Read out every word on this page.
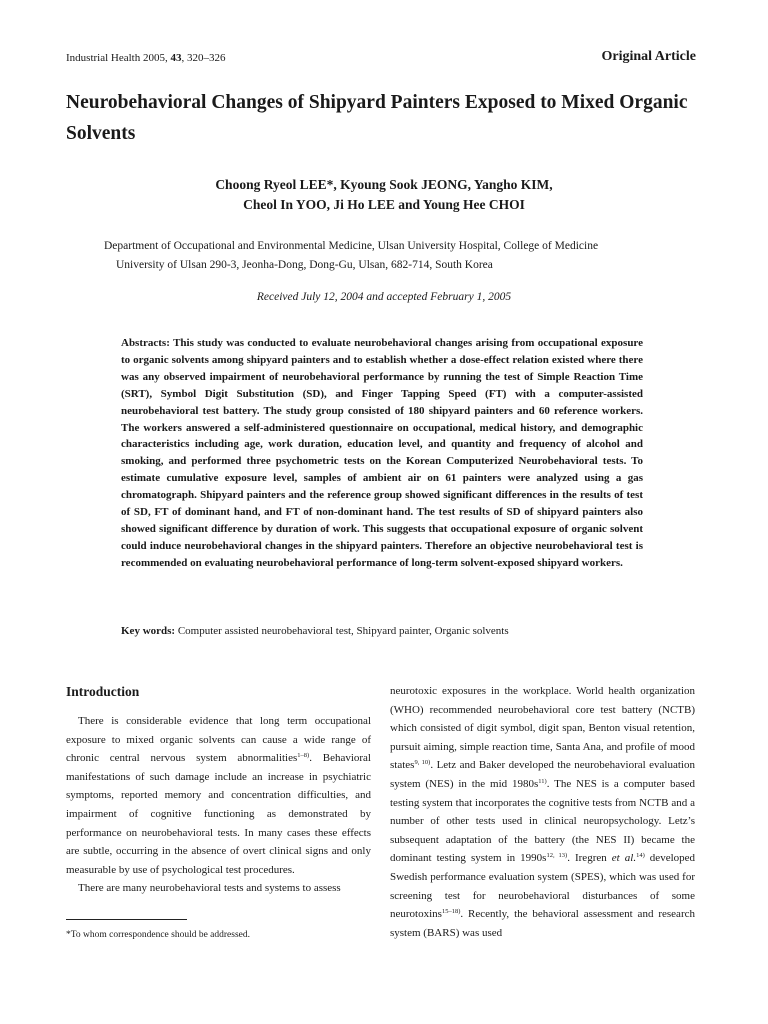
Industrial Health 2005, 43, 320–326	Original Article
Neurobehavioral Changes of Shipyard Painters Exposed to Mixed Organic Solvents
Choong Ryeol LEE*, Kyoung Sook JEONG, Yangho KIM,
Cheol In YOO, Ji Ho LEE and Young Hee CHOI
Department of Occupational and Environmental Medicine, Ulsan University Hospital, College of Medicine
University of Ulsan 290-3, Jeonha-Dong, Dong-Gu, Ulsan, 682-714, South Korea
Received July 12, 2004 and accepted February 1, 2005
Abstracts: This study was conducted to evaluate neurobehavioral changes arising from occupational exposure to organic solvents among shipyard painters and to establish whether a dose-effect relation existed where there was any observed impairment of neurobehavioral performance by running the test of Simple Reaction Time (SRT), Symbol Digit Substitution (SD), and Finger Tapping Speed (FT) with a computer-assisted neurobehavioral test battery. The study group consisted of 180 shipyard painters and 60 reference workers. The workers answered a self-administered questionnaire on occupational, medical history, and demographic characteristics including age, work duration, education level, and quantity and frequency of alcohol and smoking, and performed three psychometric tests on the Korean Computerized Neurobehavioral tests. To estimate cumulative exposure level, samples of ambient air on 61 painters were analyzed using a gas chromatograph. Shipyard painters and the reference group showed significant differences in the results of test of SD, FT of dominant hand, and FT of non-dominant hand. The test results of SD of shipyard painters also showed significant difference by duration of work. This suggests that occupational exposure of organic solvent could induce neurobehavioral changes in the shipyard painters. Therefore an objective neurobehavioral test is recommended on evaluating neurobehavioral performance of long-term solvent-exposed shipyard workers.
Key words: Computer assisted neurobehavioral test, Shipyard painter, Organic solvents
Introduction

There is considerable evidence that long term occupational exposure to mixed organic solvents can cause a wide range of chronic central nervous system abnormalities$^{1-8)}$. Behavioral manifestations of such damage include an increase in psychiatric symptoms, reported memory and concentration difficulties, and impairment of cognitive functioning as demonstrated by performance on neurobehavioral tests. In many cases these effects are subtle, occurring in the absence of overt clinical signs and only measurable by use of psychological test procedures.

There are many neurobehavioral tests and systems to assess

neurotoxic exposures in the workplace. World health organization (WHO) recommended neurobehavioral core test battery (NCTB) which consisted of digit symbol, digit span, Benton visual retention, pursuit aiming, simple reaction time, Santa Ana, and profile of mood states$^{9, 10)}$. Letz and Baker developed the neurobehavioral evaluation system (NES) in the mid $1980s^{11)}$. The NES is a computer based testing system that incorporates the cognitive tests from NCTB and a number of other tests used in clinical neuropsychology. Letz’s subsequent adaptation of the battery (the NES II) became the dominant testing system in $1990s^{12, 13)}$. Iregren et al.$^{14)}$ developed Swedish performance evaluation system (SPES), which was used for screening test for neurobehavioral disturbances of some neurotoxins$^{15-18)}$. Recently, the behavioral assessment and research system (BARS) was used

*To whom correspondence should be addressed.
